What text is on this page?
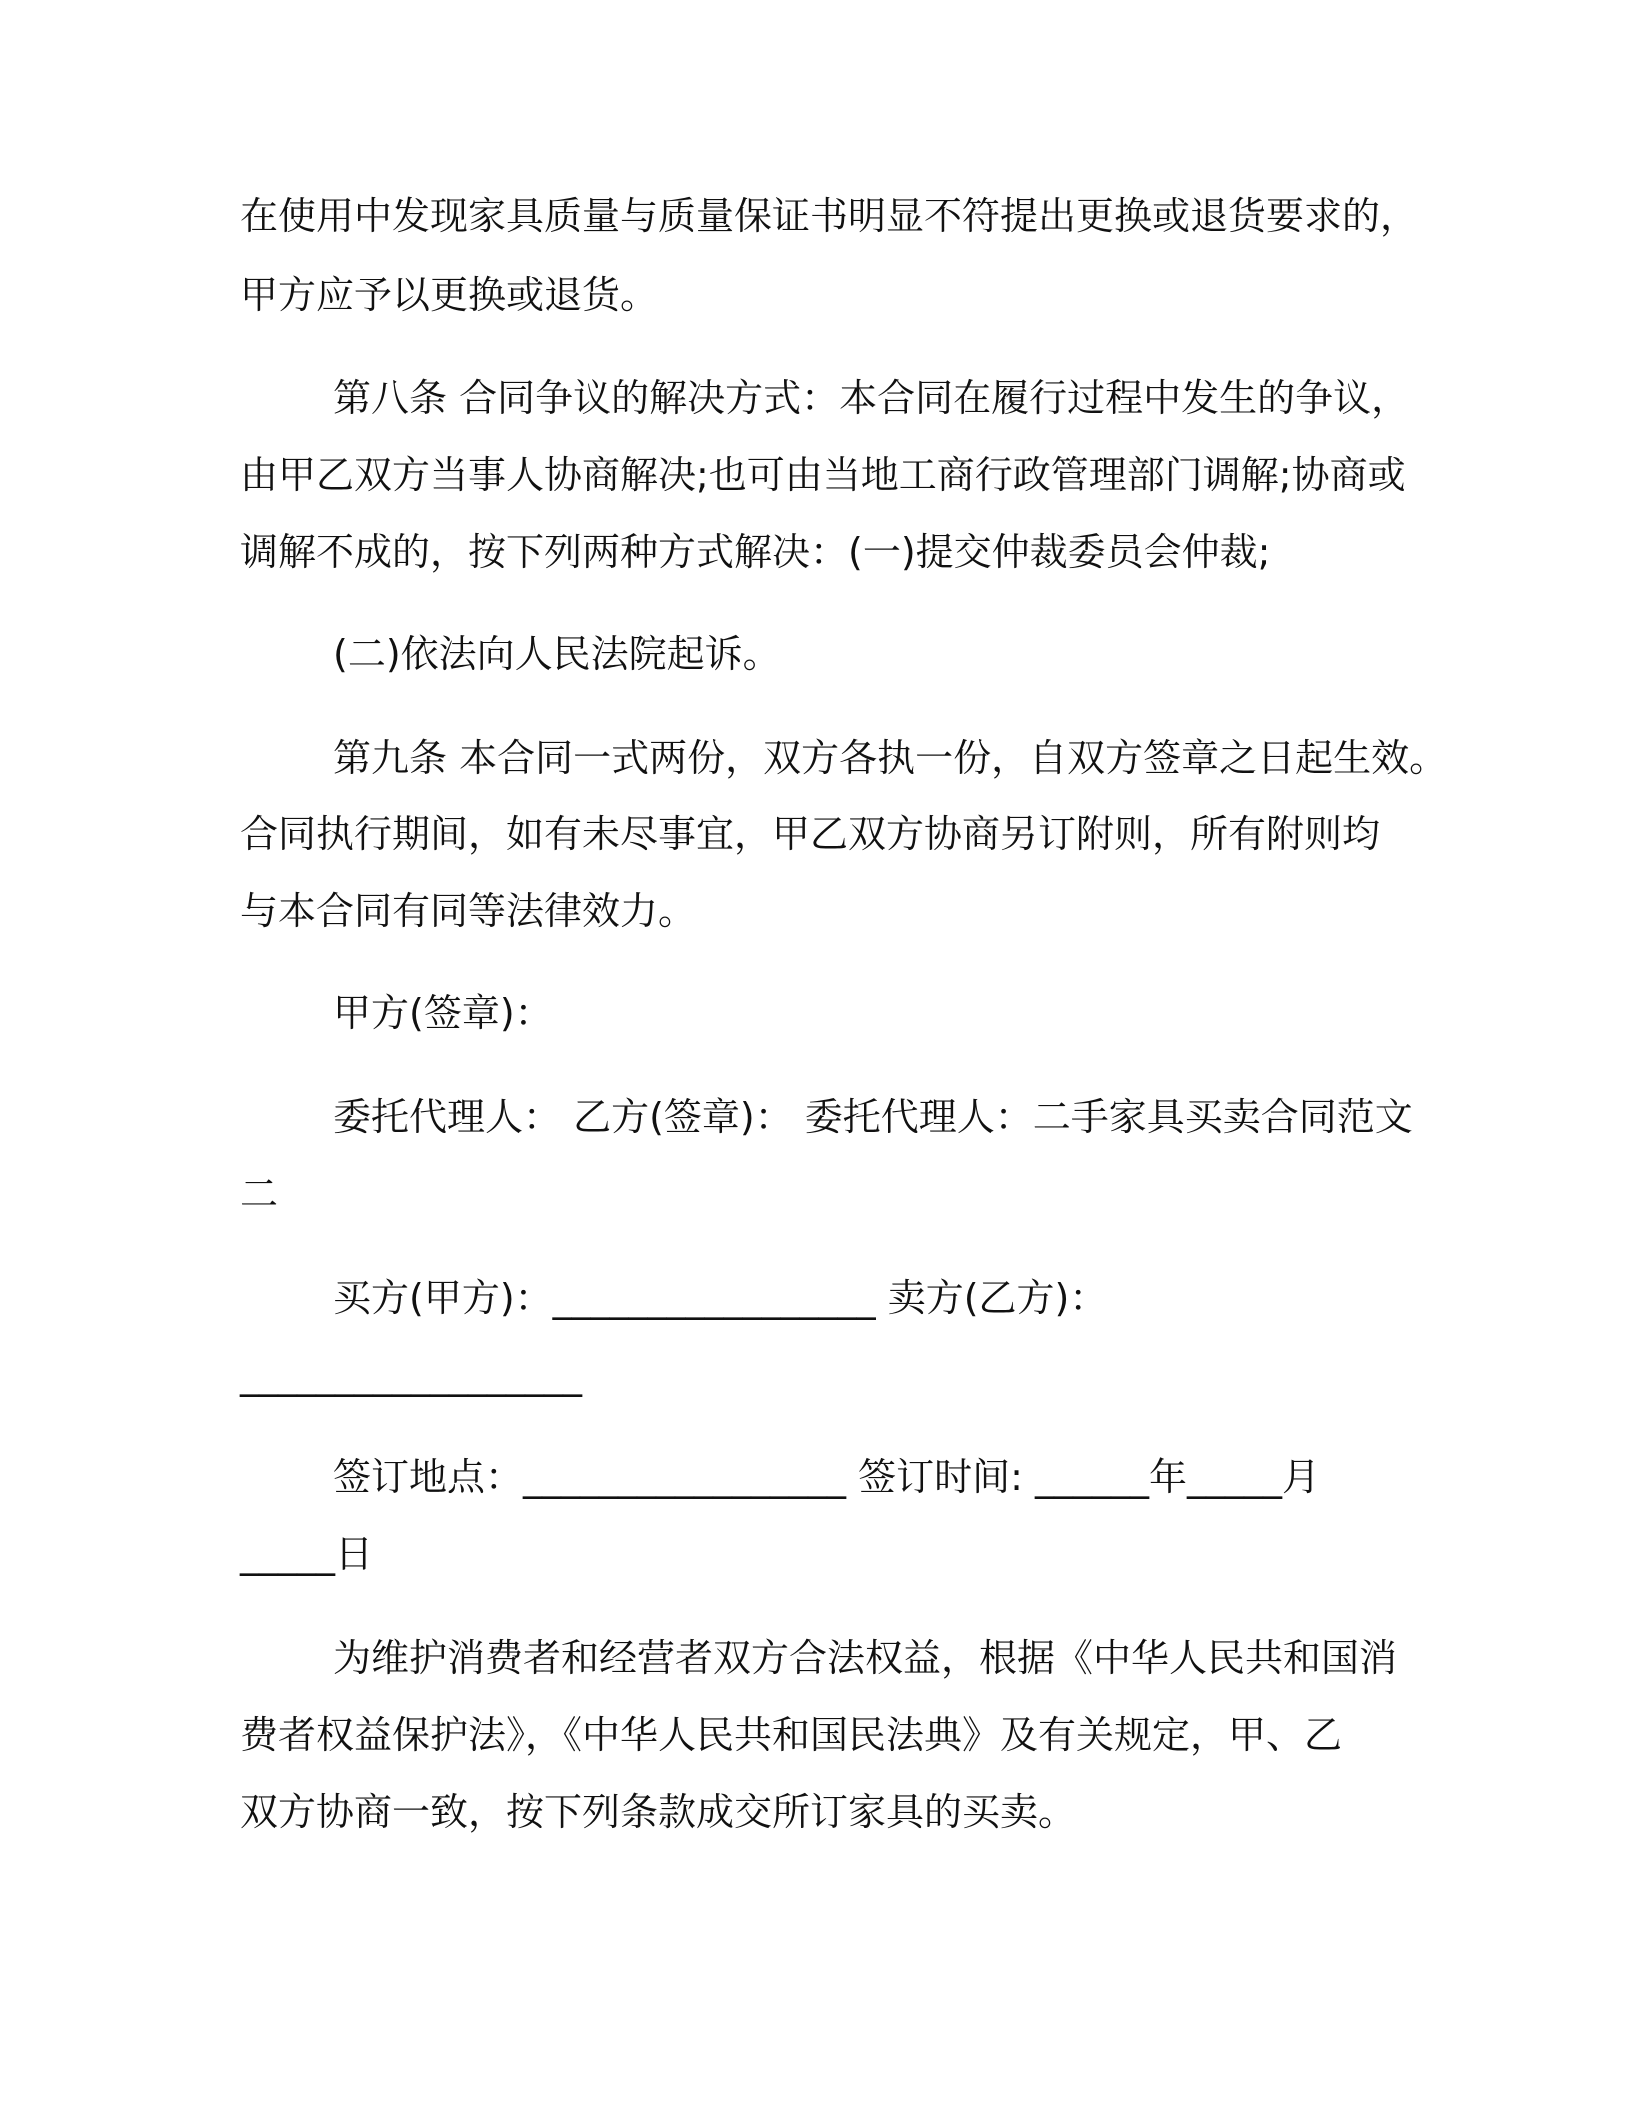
在使用中发现家具质量与质量保证书明显不符提出更换或退货要求的，
甲方应予以更换或退货。
第八条 合同争议的解决方式：本合同在履行过程中发生的争议，
由甲乙双方当事人协商解决;也可由当地工商行政管理部门调解;协商或
调解不成的，按下列两种方式解决：(一)提交仲裁委员会仲裁;
(二)依法向人民法院起诉。
第九条 本合同一式两份，双方各执一份，自双方签章之日起生效。
合同执行期间，如有未尽事宜，甲乙双方协商另订附则，所有附则均
与本合同有同等法律效力。
甲方(签章)：
委托代理人： 乙方(签章)： 委托代理人：二手家具买卖合同范文
二
买方(甲方)：_________________ 卖方(乙方)：
__________________
签订地点：_________________ 签订时间: ______年_____月
_____日
为维护消费者和经营者双方合法权益，根据《中华人民共和国消
费者权益保护法》，《中华人民共和国民法典》及有关规定，甲、乙
双方协商一致，按下列条款成交所订家具的买卖。
